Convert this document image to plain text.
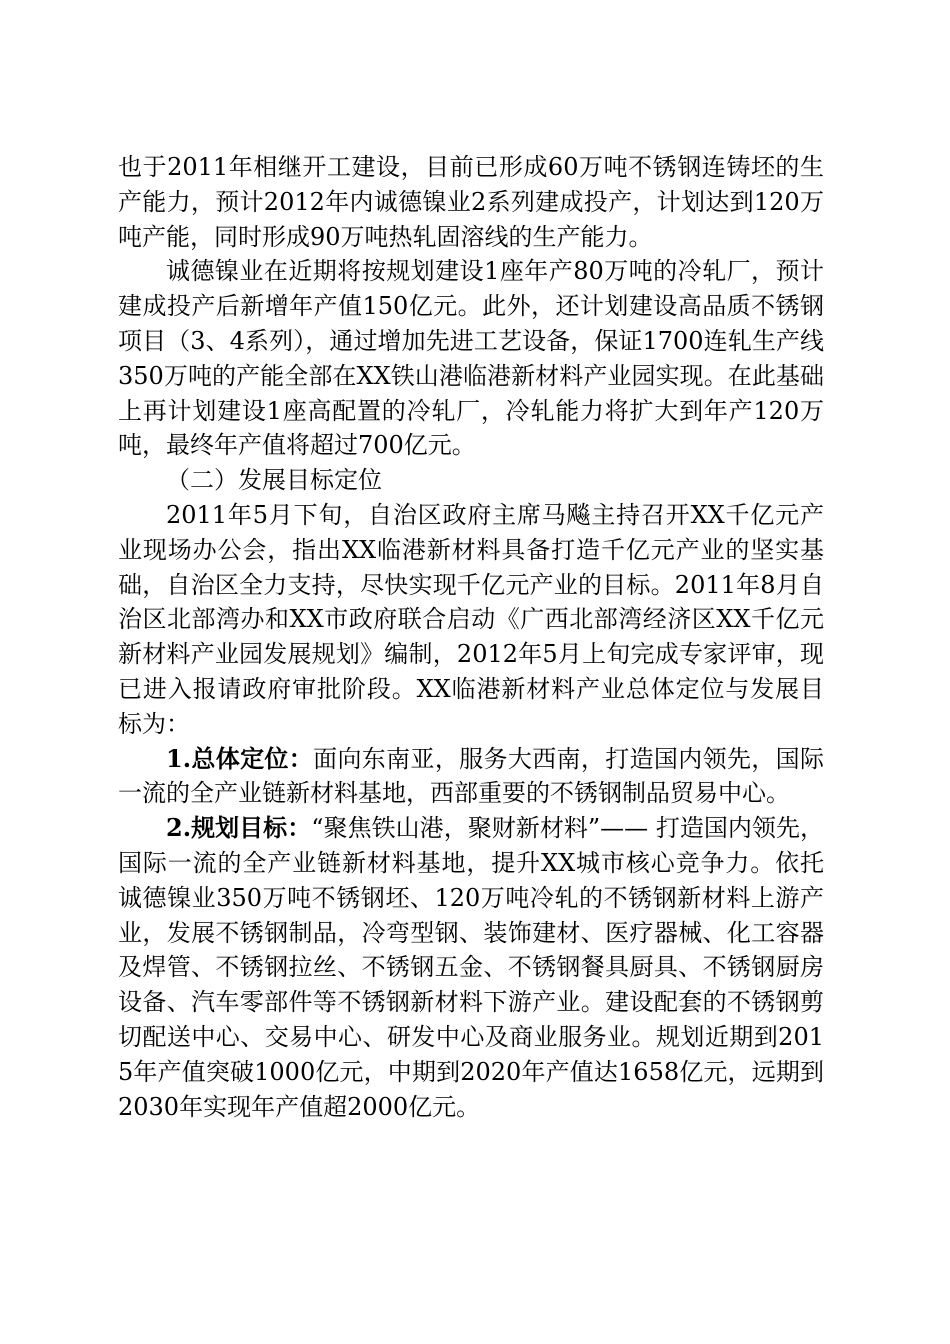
也于2011年相继开工建设，目前已形成60万吨不锈钢连铸坯的生产能力，预计2012年内诚德镍业2系列建成投产，计划达到120万吨产能，同时形成90万吨热轧固溶线的生产能力。

诚德镍业在近期将按规划建设1座年产80万吨的冷轧厂，预计建成投产后新增年产值150亿元。此外，还计划建设高品质不锈钢项目（3、4系列），通过增加先进工艺设备，保证1700连轧生产线350万吨的产能全部在XX铁山港临港新材料产业园实现。在此基础上再计划建设1座高配置的冷轧厂，冷轧能力将扩大到年产120万吨，最终年产值将超过700亿元。

（二）发展目标定位

2011年5月下旬，自治区政府主席马飚主持召开XX千亿元产业现场办公会，指出XX临港新材料具备打造千亿元产业的坚实基础，自治区全力支持，尽快实现千亿元产业的目标。2011年8月自治区北部湾办和XX市政府联合启动《广西北部湾经济区XX千亿元新材料产业园发展规划》编制，2012年5月上旬完成专家评审，现已进入报请政府审批阶段。XX临港新材料产业总体定位与发展目标为：

1.总体定位：面向东南亚，服务大西南，打造国内领先，国际一流的全产业链新材料基地，西部重要的不锈钢制品贸易中心。

2.规划目标：“聚焦铁山港，聚财新材料”—— 打造国内领先，国际一流的全产业链新材料基地，提升XX城市核心竞争力。依托诚德镍业350万吨不锈钢坯、120万吨冷轧的不锈钢新材料上游产业，发展不锈钢制品，冷弯型钢、装饰建材、医疗器械、化工容器及焊管、不锈钢拉丝、不锈钢五金、不锈钢餐具厨具、不锈钢厨房设备、汽车零部件等不锈钢新材料下游产业。建设配套的不锈钢剪切配送中心、交易中心、研发中心及商业服务业。规划近期到2015年产值突破1000亿元，中期到2020年产值达1658亿元，远期到2030年实现年产值超2000亿元。
